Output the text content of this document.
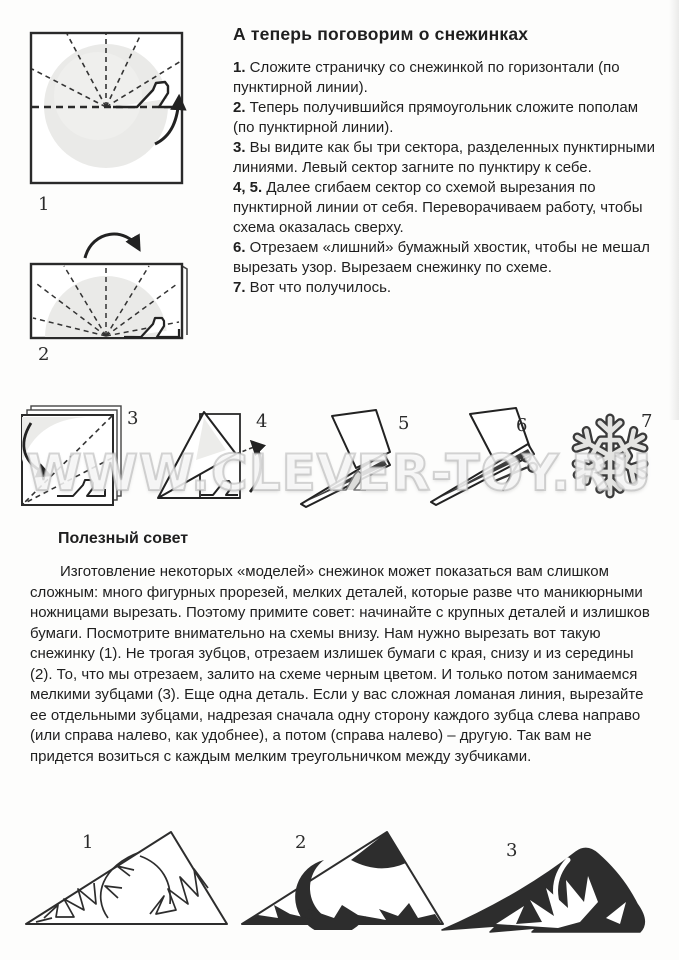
1
2
А теперь поговорим о снежинках

1. Сложите страничку со снежинкой по горизонтали (по пунктирной линии).

2. Теперь получившийся прямоугольник сложите пополам (по пунктирной линии).

3. Вы видите как бы три сектора, разделенных пунктирными линиями. Левый сектор загните по пунктиру к себе.

4, 5. Далее сгибаем сектор со схемой вырезания по пунктирной линии от себя. Переворачиваем работу, чтобы схема оказалась сверху.

6. Отрезаем «лишний» бумажный хвостик, чтобы не мешал вырезать узор. Вырезаем снежинку по схеме.

7. Вот что получилось.

3	4	5	6	7
WWW.CLEVER-TOY.RU
Полезный совет
Изготовление некоторых «моделей» снежинок может показаться вам слишком сложным: много фигурных прорезей, мелких деталей, которые разве что маникюрными ножницами вырезать. Поэтому примите совет: начинайте с крупных деталей и излишков бумаги. Посмотрите внимательно на схемы внизу. Нам нужно вырезать вот такую снежинку (1). Не трогая зубцов, отрезаем излишек бумаги с края, снизу и из середины (2). То, что мы отрезаем, залито на схеме черным цветом. И только потом занимаемся мелкими зубцами (3). Еще одна деталь. Если у вас сложная ломаная линия, вырезайте ее отдельными зубцами, надрезая сначала одну сторону каждого зубца слева направо (или справа налево, как удобнее), а потом (справа налево) – другую. Так вам не придется возиться с каждым мелким треугольничком между зубчиками.
1	2	3
